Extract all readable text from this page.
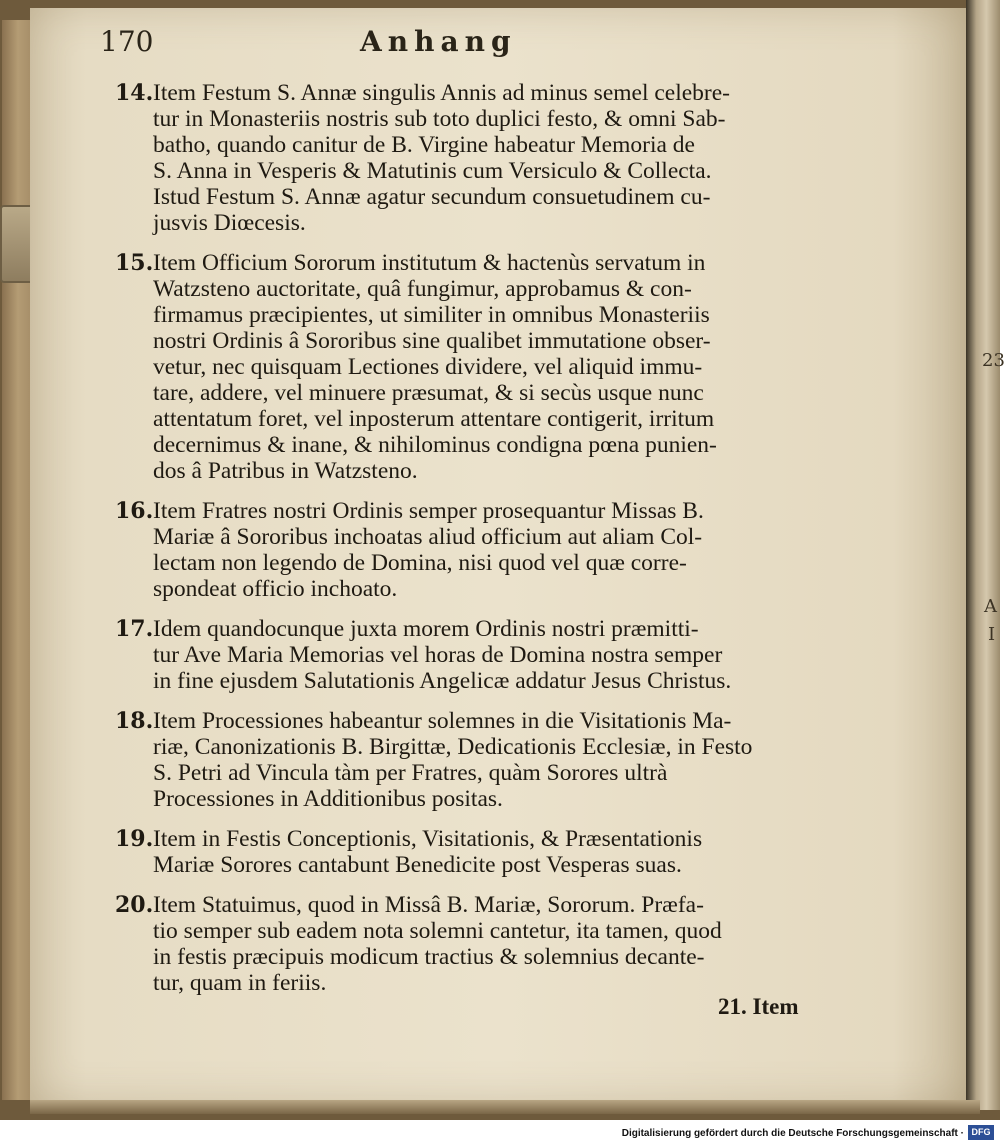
23
A
I
170	Anhang
14. Item Festum S. Annæ singulis Annis ad minus semel celebre-
tur in Monasteriis nostris sub toto duplici festo, & omni Sab-
batho, quando canitur de B. Virgine habeatur Memoria de
S. Anna in Vesperis & Matutinis cum Versiculo & Collecta.
Istud Festum S. Annæ agatur secundum consuetudinem cu-
jusvis Diœcesis.
15. Item Officium Sororum institutum & hactenùs servatum in
Watzsteno auctoritate, quâ fungimur, approbamus & con-
firmamus præcipientes, ut similiter in omnibus Monasteriis
nostri Ordinis â Sororibus sine qualibet immutatione obser-
vetur, nec quisquam Lectiones dividere, vel aliquid immu-
tare, addere, vel minuere præsumat, & si secùs usque nunc
attentatum foret, vel inposterum attentare contigerit, irritum
decernimus & inane, & nihilominus condigna pœna punien-
dos â Patribus in Watzsteno.
16. Item Fratres nostri Ordinis semper prosequantur Missas B.
Mariæ â Sororibus inchoatas aliud officium aut aliam Col-
lectam non legendo de Domina, nisi quod vel quæ corre-
spondeat officio inchoato.
17. Idem quandocunque juxta morem Ordinis nostri præmitti-
tur Ave Maria Memorias vel horas de Domina nostra semper
in fine ejusdem Salutationis Angelicæ addatur Jesus Christus.
18. Item Processiones habeantur solemnes in die Visitationis Ma-
riæ, Canonizationis B. Birgittæ, Dedicationis Ecclesiæ, in Festo
S. Petri ad Vincula tàm per Fratres, quàm Sorores ultrà
Processiones in Additionibus positas.
19. Item in Festis Conceptionis, Visitationis, & Præsentationis
Mariæ Sorores cantabunt Benedicite post Vesperas suas.
20. Item Statuimus, quod in Missâ B. Mariæ, Sororum. Præfa-
tio semper sub eadem nota solemni cantetur, ita tamen, quod
in festis præcipuis modicum tractius & solemnius decante-
tur, quam in feriis.
21. Item
Digitalisierung gefördert durch die Deutsche Forschungsgemeinschaft · DFG
